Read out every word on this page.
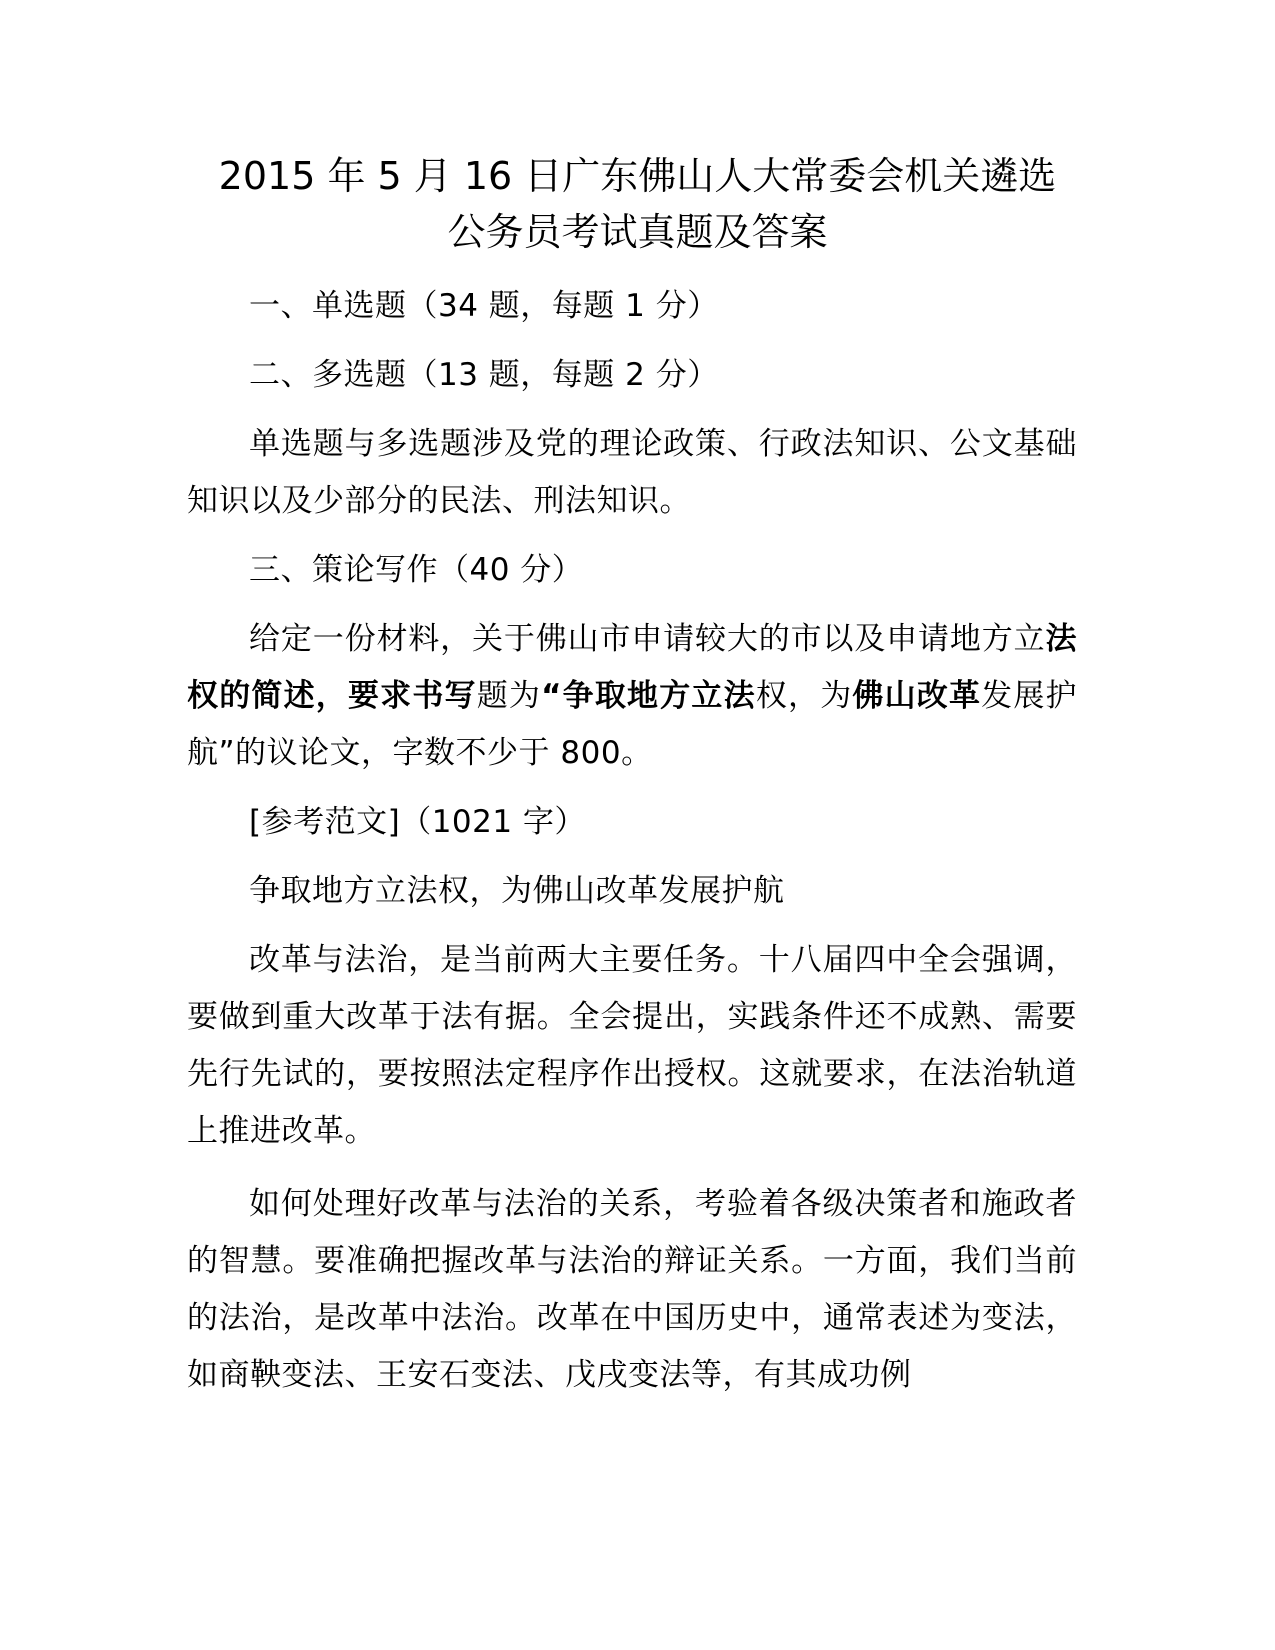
2015 年 5 月 16 日广东佛山人大常委会机关遴选
公务员考试真题及答案

一、单选题（34 题，每题 1 分）

二、多选题（13 题，每题 2 分）

单选题与多选题涉及党的理论政策、行政法知识、公文基础知识以及少部分的民法、刑法知识。

三、策论写作（40 分）

给定一份材料，关于佛山市申请较大的市以及申请地方立法权的简述，要求书写题为“争取地方立法权，为佛山改革发展护航”的议论文，字数不少于 800。

[参考范文]（1021 字）

争取地方立法权，为佛山改革发展护航

改革与法治，是当前两大主要任务。十八届四中全会强调，要做到重大改革于法有据。全会提出，实践条件还不成熟、需要先行先试的，要按照法定程序作出授权。这就要求，在法治轨道上推进改革。

如何处理好改革与法治的关系，考验着各级决策者和施政者的智慧。要准确把握改革与法治的辩证关系。一方面，我们当前的法治，是改革中法治。改革在中国历史中，通常表述为变法，如商鞅变法、王安石变法、戊戌变法等，有其成功例
